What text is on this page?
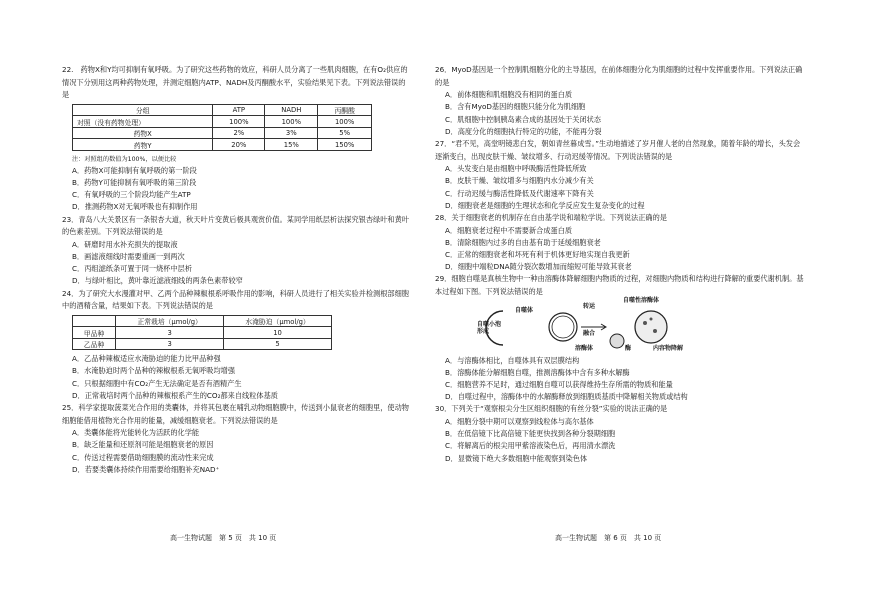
22.　药物X和Y均可抑制有氧呼吸。为了研究这些药物的效应，科研人员分离了一些肌肉细胞，在有O₂供应的情况下分别用这两种药物处理，并测定细胞内ATP、NADH及丙酮酸水平，实验结果见下表。下列说法错误的是

分组	ATP	NADH	丙酮酸
对照（没有药物处理）	100%	100%	100%
药物X	2%	3%	5%
药物Y	20%	15%	150%

注：对照组的数值为100%，以便比较

A．药物X可能抑制有氧呼吸的第一阶段

B．药物Y可能抑制有氧呼吸的第三阶段

C．有氧呼吸的三个阶段均能产生ATP

D．推测药物X对无氧呼吸也有抑制作用

23．青岛八大关景区有一条银杏大道，秋天叶片变黄后极具观赏价值。某同学用纸层析法探究银杏绿叶和黄叶的色素差别。下列说法错误的是

A．研磨时用水补充损失的提取液

B．画滤液细线时需要重画一到两次

C．丙组滤纸条可置于同一烧杯中层析

D．与绿叶相比，黄叶靠近滤液细线的两条色素带较窄

24．为了研究大水漫灌对甲、乙两个品种辣椒根系呼吸作用的影响，科研人员进行了相关实验并检测根部细胞中的酒精含量，结果如下表。下列说法错误的是

	正常栽培（μmol/g）	水淹胁迫（μmol/g）
甲品种	3	10
乙品种	3	5

A．乙品种辣椒适应水淹胁迫的能力比甲品种强

B．水淹胁迫时两个品种的辣椒根系无氧呼吸均增强

C．只根据细胞中有CO₂产生无法确定是否有酒精产生

D．正常栽培时两个品种的辣椒根系产生的CO₂都来自线粒体基质

25．科学家提取菠菜光合作用的类囊体，并将其包裹在哺乳动物细胞膜中，传送到小鼠衰老的细胞里，使动物细胞能借用植物光合作用的能量，减缓细胞衰老。下列说法错误的是

A．类囊体能将光能转化为活跃的化学能

B．缺乏能量和还原剂可能是细胞衰老的原因

C．传送过程需要借助细胞膜的流动性来完成

D．若要类囊体持续作用需要给细胞补充NAD⁺

高一生物试题　第 5 页　共 10 页

26．MyoD基因是一个控制肌细胞分化的主导基因，在前体细胞分化为肌细胞的过程中发挥重要作用。下列说法正确的是

A．前体细胞和肌细胞没有相同的蛋白质

B．含有MyoD基因的细胞只能分化为肌细胞

C．肌细胞中控制胰岛素合成的基因处于关闭状态

D．高度分化的细胞执行特定的功能，不能再分裂

27．“君不见，高堂明镜悲白发，朝如青丝暮成雪。”生动地描述了岁月催人老的自然现象，随着年龄的增长，头发会逐渐变白，出现皮肤干燥、皱纹增多、行动迟缓等情况。下列说法错误的是

A．头发变白是由细胞中呼吸酶活性降低所致

B．皮肤干燥、皱纹增多与细胞内水分减少有关

C．行动迟缓与酶活性降低及代谢速率下降有关

D．细胞衰老是细胞的生理状态和化学反应发生复杂变化的过程

28．关于细胞衰老的机制存在自由基学说和端粒学说。下列说法正确的是

A．细胞衰老过程中不需要新合成蛋白质

B．清除细胞内过多的自由基有助于延缓细胞衰老

C．正常的细胞衰老和坏死有利于机体更好地实现自我更新

D．细胞中端粒DNA随分裂次数增加而缩短可能导致其衰老

29．细胞自噬是真核生物中一种由溶酶体降解细胞内物质的过程，对细胞内物质和结构进行降解的重要代谢机制。基本过程如下图。下列说法错误的是

自噬体
转运
自噬性溶酶体
自噬小泡形成	融合
溶酶体	酶	内容物降解

A．与溶酶体相比，自噬体具有双层膜结构

B．溶酶体能分解细胞自噬，推测溶酶体中含有多种水解酶

C．细胞营养不足时，通过细胞自噬可以获得维持生存所需的物质和能量

D．自噬过程中，溶酶体中的水解酶释放到细胞质基质中降解相关物质或结构

30．下列关于“观察根尖分生区组织细胞的有丝分裂”实验的说法正确的是

A．细胞分裂中期可以观察到线粒体与高尔基体

B．在低倍镜下比高倍镜下能更快找到各种分裂期细胞

C．将解离后的根尖用甲紫溶液染色后，再用清水漂洗

D．显微镜下绝大多数细胞中能观察到染色体

高一生物试题　第 6 页　共 10 页
